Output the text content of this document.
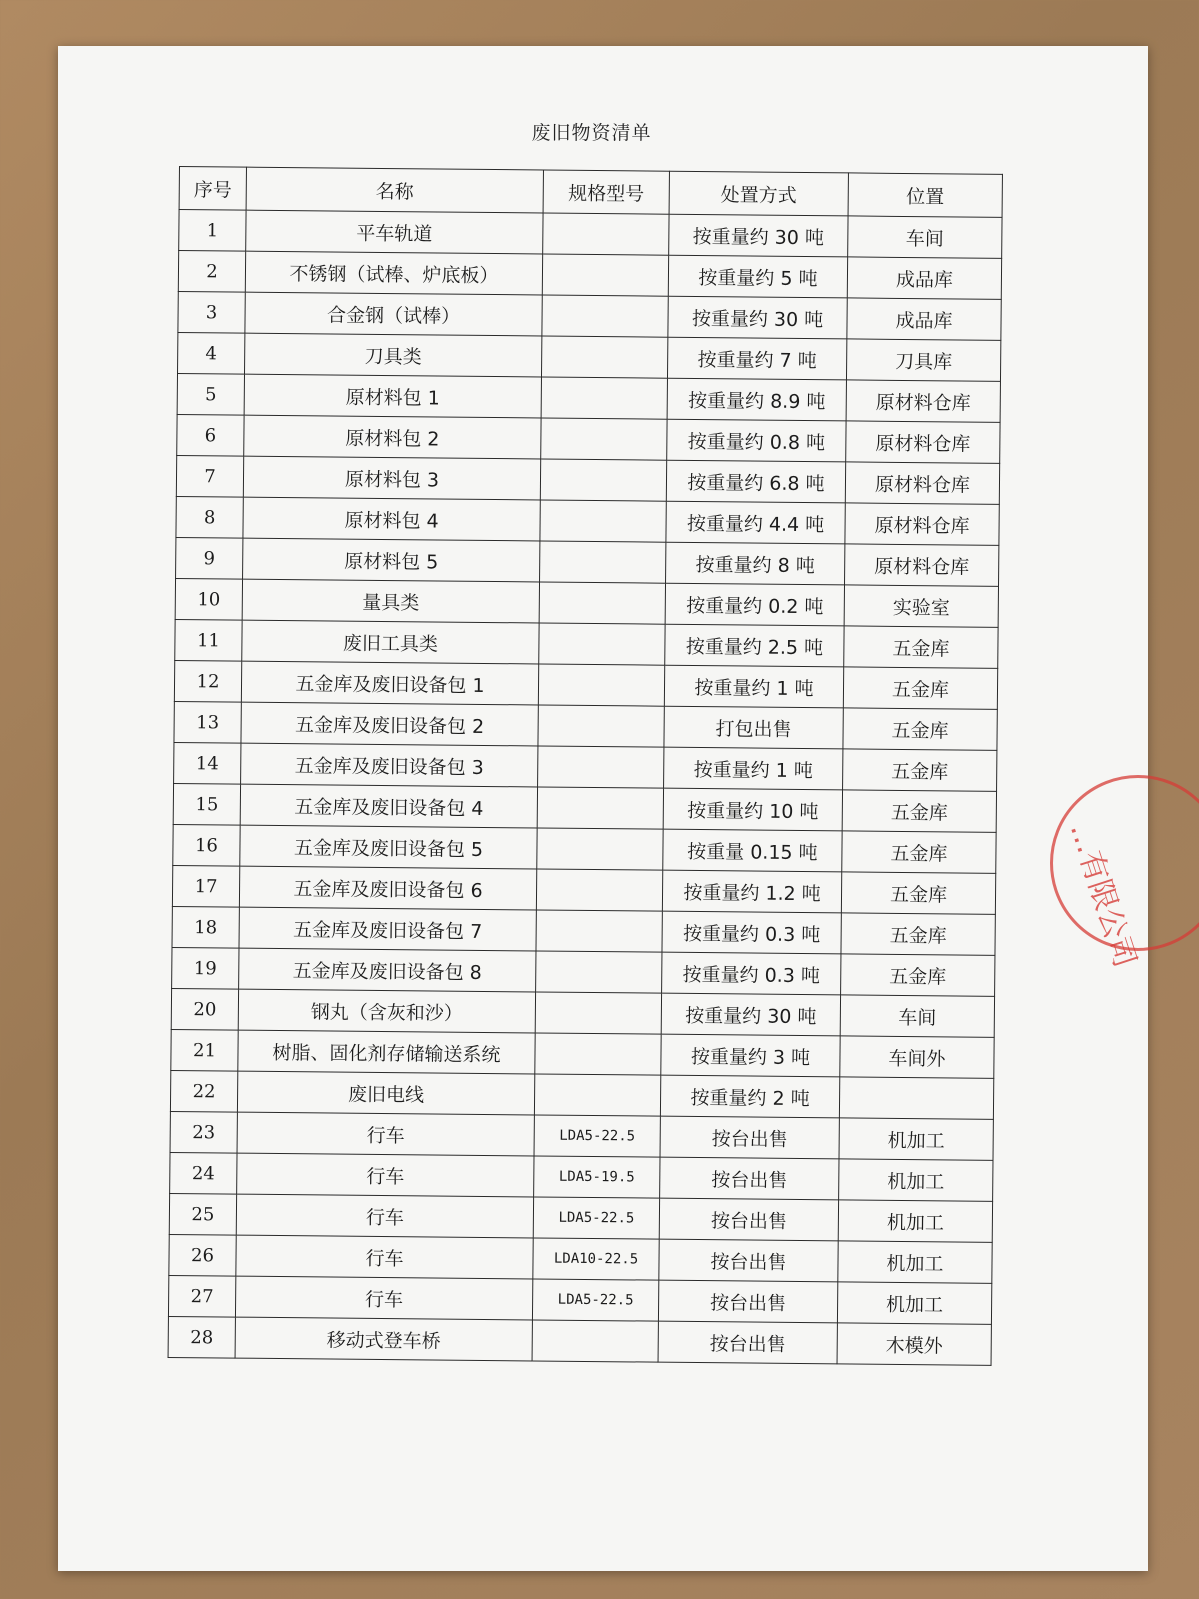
废旧物资清单
序号	名称	规格型号	处置方式	位置
1	平车轨道		按重量约 30 吨	车间
2	不锈钢（试棒、炉底板）		按重量约 5 吨	成品库
3	合金钢（试棒）		按重量约 30 吨	成品库
4	刀具类		按重量约 7 吨	刀具库
5	原材料包 1		按重量约 8.9 吨	原材料仓库
6	原材料包 2		按重量约 0.8 吨	原材料仓库
7	原材料包 3		按重量约 6.8 吨	原材料仓库
8	原材料包 4		按重量约 4.4 吨	原材料仓库
9	原材料包 5		按重量约 8 吨	原材料仓库
10	量具类		按重量约 0.2 吨	实验室
11	废旧工具类		按重量约 2.5 吨	五金库
12	五金库及废旧设备包 1		按重量约 1 吨	五金库
13	五金库及废旧设备包 2		打包出售	五金库
14	五金库及废旧设备包 3		按重量约 1 吨	五金库
15	五金库及废旧设备包 4		按重量约 10 吨	五金库
16	五金库及废旧设备包 5		按重量 0.15 吨	五金库
17	五金库及废旧设备包 6		按重量约 1.2 吨	五金库
18	五金库及废旧设备包 7		按重量约 0.3 吨	五金库
19	五金库及废旧设备包 8		按重量约 0.3 吨	五金库
20	钢丸（含灰和沙）		按重量约 30 吨	车间
21	树脂、固化剂存储输送系统		按重量约 3 吨	车间外
22	废旧电线		按重量约 2 吨	
23	行车	LDA5-22.5	按台出售	机加工
24	行车	LDA5-19.5	按台出售	机加工
25	行车	LDA5-22.5	按台出售	机加工
26	行车	LDA10-22.5	按台出售	机加工
27	行车	LDA5-22.5	按台出售	机加工
28	移动式登车桥		按台出售	木模外
…有限公司
